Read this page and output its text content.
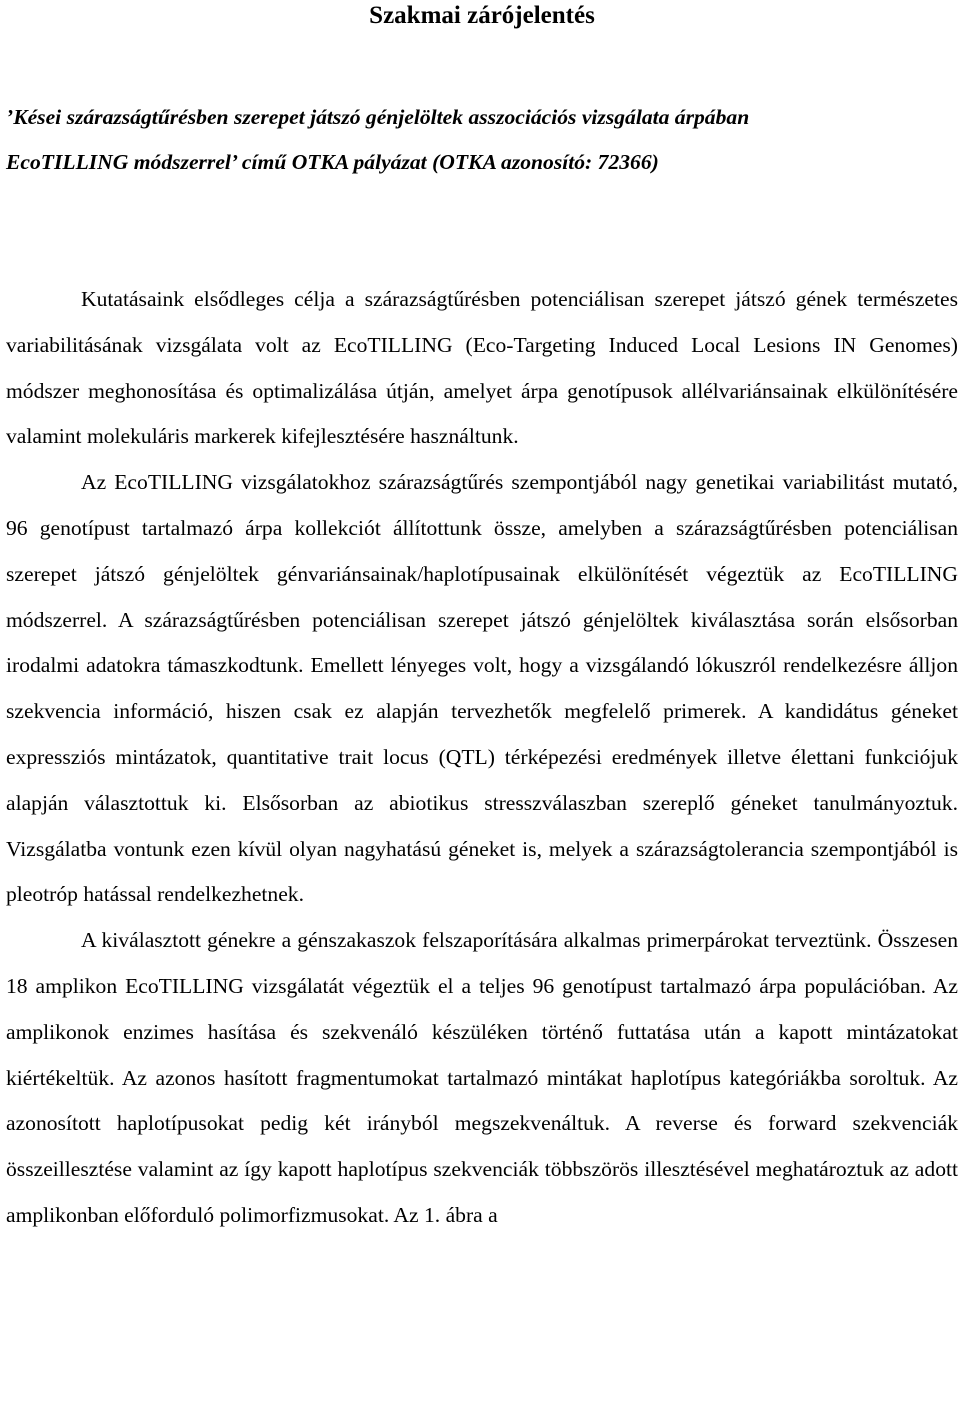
Szakmai zárójelentés
’Kései szárazságtűrésben szerepet játszó génjelöltek asszociációs vizsgálata árpában
EcoTILLING módszerrel’ című OTKA pályázat (OTKA azonosító: 72366)

Kutatásaink elsődleges célja a szárazságtűrésben potenciálisan szerepet játszó gének természetes variabilitásának vizsgálata volt az EcoTILLING (Eco-Targeting Induced Local Lesions IN Genomes) módszer meghonosítása és optimalizálása útján, amelyet árpa genotípusok allélvariánsainak elkülönítésére valamint molekuláris markerek kifejlesztésére használtunk.

Az EcoTILLING vizsgálatokhoz szárazságtűrés szempontjából nagy genetikai variabilitást mutató, 96 genotípust tartalmazó árpa kollekciót állítottunk össze, amelyben a szárazságtűrésben potenciálisan szerepet játszó génjelöltek génvariánsainak/haplotípusainak elkülönítését végeztük az EcoTILLING módszerrel. A szárazságtűrésben potenciálisan szerepet játszó génjelöltek kiválasztása során elsősorban irodalmi adatokra támaszkodtunk. Emellett lényeges volt, hogy a vizsgálandó lókuszról rendelkezésre álljon szekvencia információ, hiszen csak ez alapján tervezhetők megfelelő primerek. A kandidátus géneket expressziós mintázatok, quantitative trait locus (QTL) térképezési eredmények illetve élettani funkciójuk alapján választottuk ki. Elsősorban az abiotikus stresszválaszban szereplő géneket tanulmányoztuk. Vizsgálatba vontunk ezen kívül olyan nagyhatású géneket is, melyek a szárazságtolerancia szempontjából is pleotróp hatással rendelkezhetnek.

A kiválasztott génekre a génszakaszok felszaporítására alkalmas primerpárokat terveztünk. Összesen 18 amplikon EcoTILLING vizsgálatát végeztük el a teljes 96 genotípust tartalmazó árpa populációban. Az amplikonok enzimes hasítása és szekvenáló készüléken történő futtatása után a kapott mintázatokat kiértékeltük. Az azonos hasított fragmentumokat tartalmazó mintákat haplotípus kategóriákba soroltuk. Az azonosított haplotípusokat pedig két irányból megszekvenáltuk. A reverse és forward szekvenciák összeillesztése valamint az így kapott haplotípus szekvenciák többszörös illesztésével meghatároztuk az adott amplikonban előforduló polimorfizmusokat. Az 1. ábra a
